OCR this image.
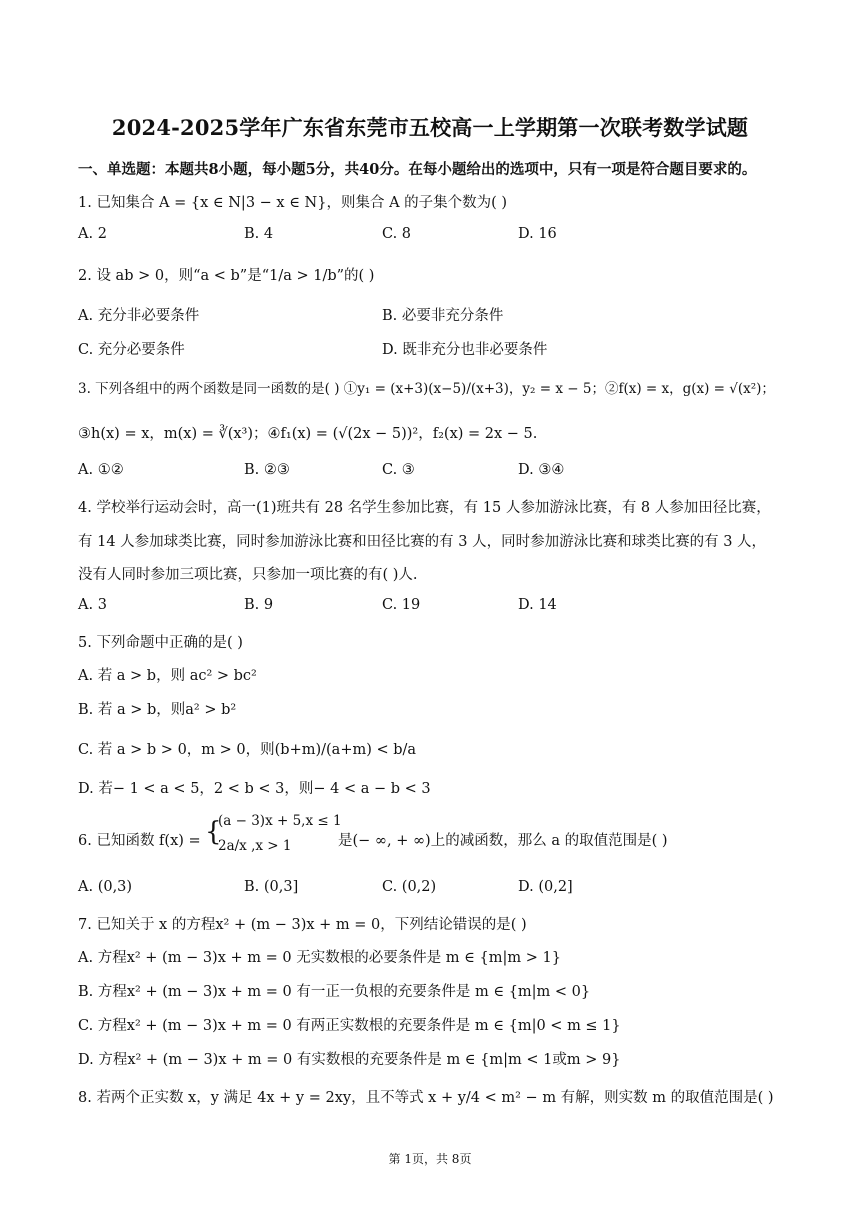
2024-2025学年广东省东莞市五校高一上学期第一次联考数学试题
一、单选题：本题共8小题，每小题5分，共40分。在每小题给出的选项中，只有一项是符合题目要求的。
1. 已知集合 A = {x ∈ N|3 − x ∈ N}，则集合 A 的子集个数为( )
A. 2	B. 4	C. 8	D. 16
2. 设 ab > 0，则“a < b”是“1/a > 1/b”的( )
A. 充分非必要条件	B. 必要非充分条件
C. 充分必要条件	D. 既非充分也非必要条件
3. 下列各组中的两个函数是同一函数的是( ) ①y₁ = (x+3)(x−5)/(x+3)，y₂ = x − 5；②f(x) = x，g(x) = √(x²)；
③h(x) = x，m(x) = ∛(x³)；④f₁(x) = (√(2x − 5))²，f₂(x) = 2x − 5.
A. ①②	B. ②③	C. ③	D. ③④
4. 学校举行运动会时，高一(1)班共有 28 名学生参加比赛，有 15 人参加游泳比赛，有 8 人参加田径比赛，
有 14 人参加球类比赛，同时参加游泳比赛和田径比赛的有 3 人，同时参加游泳比赛和球类比赛的有 3 人，
没有人同时参加三项比赛，只参加一项比赛的有( )人.
A. 3	B. 9	C. 19	D. 14
5. 下列命题中正确的是( )
A. 若 a > b，则 ac² > bc²
B. 若 a > b，则a² > b²
C. 若 a > b > 0，m > 0，则(b+m)/(a+m) < b/a
D. 若− 1 < a < 5，2 < b < 3，则− 4 < a − b < 3
6. 已知函数 f(x) = {
(a − 3)x + 5,x ≤ 1
2a/x ,x > 1	是(− ∞, + ∞)上的减函数，那么 a 的取值范围是( )
A. (0,3)	B. (0,3]	C. (0,2)	D. (0,2]
7. 已知关于 x 的方程x² + (m − 3)x + m = 0，下列结论错误的是( )
A. 方程x² + (m − 3)x + m = 0 无实数根的必要条件是 m ∈ {m|m > 1}
B. 方程x² + (m − 3)x + m = 0 有一正一负根的充要条件是 m ∈ {m|m < 0}
C. 方程x² + (m − 3)x + m = 0 有两正实数根的充要条件是 m ∈ {m|0 < m ≤ 1}
D. 方程x² + (m − 3)x + m = 0 有实数根的充要条件是 m ∈ {m|m < 1或m > 9}
8. 若两个正实数 x，y 满足 4x + y = 2xy，且不等式 x + y/4 < m² − m 有解，则实数 m 的取值范围是( )
第 1页，共 8页
